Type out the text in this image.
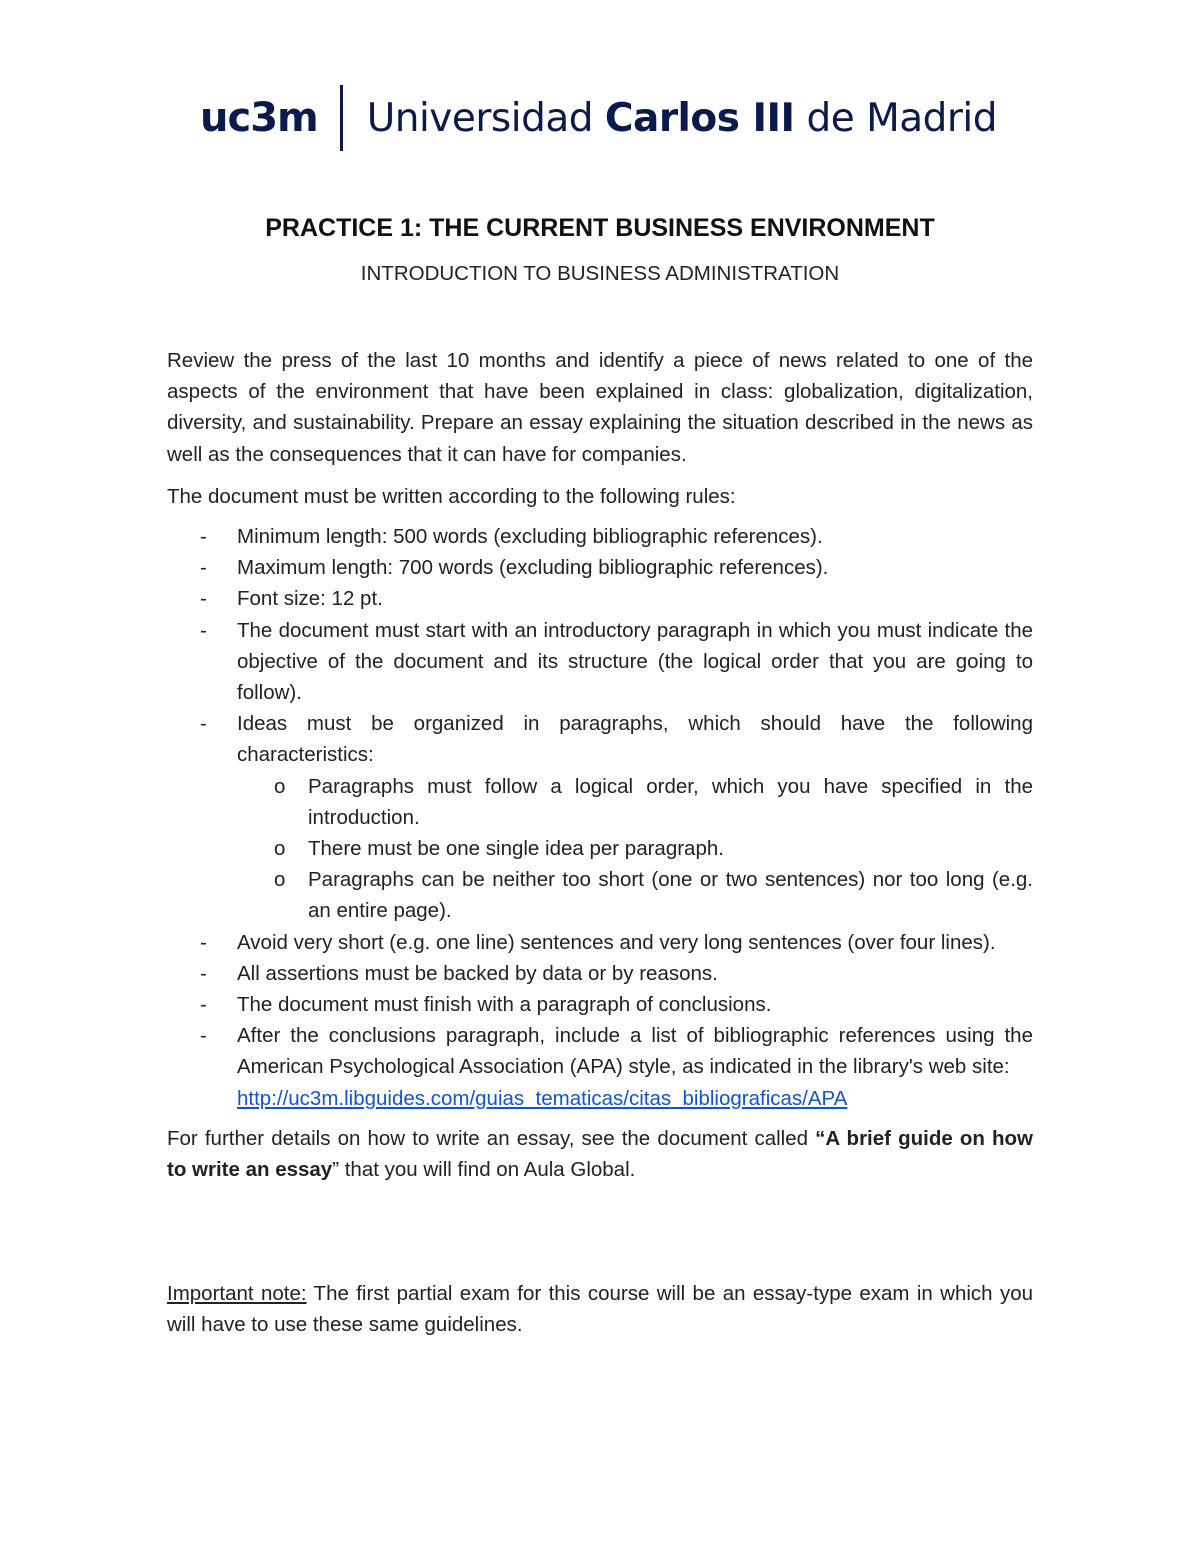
uc3m Universidad Carlos III de Madrid
PRACTICE 1: THE CURRENT BUSINESS ENVIRONMENT
INTRODUCTION TO BUSINESS ADMINISTRATION

Review the press of the last 10 months and identify a piece of news related to one of the aspects of the environment that have been explained in class: globalization, digitalization, diversity, and sustainability. Prepare an essay explaining the situation described in the news as well as the consequences that it can have for companies.

The document must be written according to the following rules:

- Minimum length: 500 words (excluding bibliographic references).
- Maximum length: 700 words (excluding bibliographic references).
- Font size: 12 pt.
- The document must start with an introductory paragraph in which you must indicate the objective of the document and its structure (the logical order that you are going to follow).
- Ideas must be organized in paragraphs, which should have the following characteristics:
o Paragraphs must follow a logical order, which you have specified in the introduction.
o There must be one single idea per paragraph.
o Paragraphs can be neither too short (one or two sentences) nor too long (e.g. an entire page).
- Avoid very short (e.g. one line) sentences and very long sentences (over four lines).
- All assertions must be backed by data or by reasons.
- The document must finish with a paragraph of conclusions.
- After the conclusions paragraph, include a list of bibliographic references using the American Psychological Association (APA) style, as indicated in the library's web site:
http://uc3m.libguides.com/guias_tematicas/citas_bibliograficas/APA

For further details on how to write an essay, see the document called “A brief guide on how to write an essay” that you will find on Aula Global.

Important note: The first partial exam for this course will be an essay-type exam in which you will have to use these same guidelines.
